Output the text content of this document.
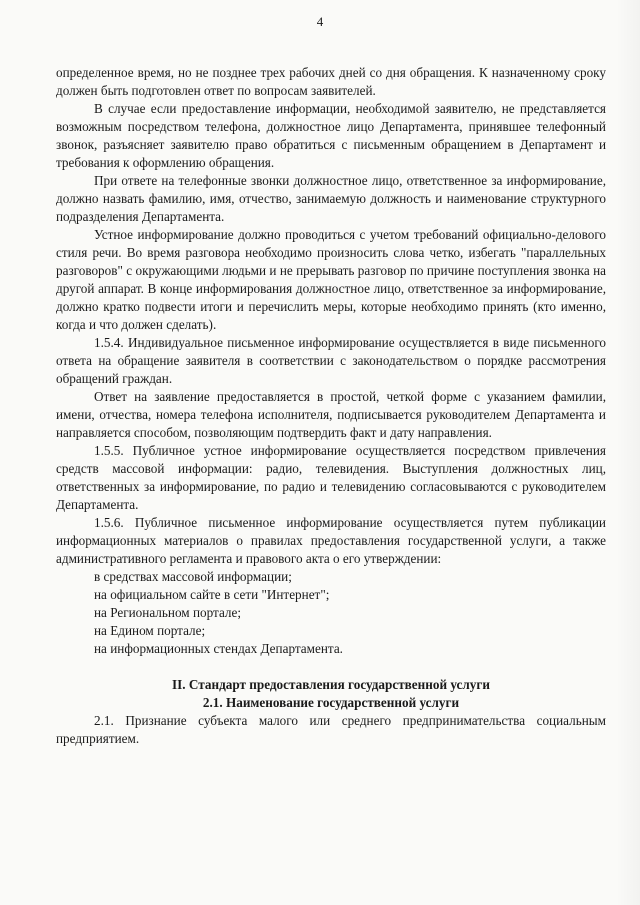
4

определенное время, но не позднее трех рабочих дней со дня обращения. К назначенному сроку должен быть подготовлен ответ по вопросам заявителей.

В случае если предоставление информации, необходимой заявителю, не представляется возможным посредством телефона, должностное лицо Департамента, принявшее телефонный звонок, разъясняет заявителю право обратиться с письменным обращением в Департамент и требования к оформлению обращения.

При ответе на телефонные звонки должностное лицо, ответственное за информирование, должно назвать фамилию, имя, отчество, занимаемую должность и наименование структурного подразделения Департамента.

Устное информирование должно проводиться с учетом требований официально-делового стиля речи. Во время разговора необходимо произносить слова четко, избегать "параллельных разговоров" с окружающими людьми и не прерывать разговор по причине поступления звонка на другой аппарат. В конце информирования должностное лицо, ответственное за информирование, должно кратко подвести итоги и перечислить меры, которые необходимо принять (кто именно, когда и что должен сделать).

1.5.4. Индивидуальное письменное информирование осуществляется в виде письменного ответа на обращение заявителя в соответствии с законодательством о порядке рассмотрения обращений граждан.

Ответ на заявление предоставляется в простой, четкой форме с указанием фамилии, имени, отчества, номера телефона исполнителя, подписывается руководителем Департамента и направляется способом, позволяющим подтвердить факт и дату направления.

1.5.5. Публичное устное информирование осуществляется посредством привлечения средств массовой информации: радио, телевидения. Выступления должностных лиц, ответственных за информирование, по радио и телевидению согласовываются с руководителем Департамента.

1.5.6. Публичное письменное информирование осуществляется путем публикации информационных материалов о правилах предоставления государственной услуги, а также административного регламента и правового акта о его утверждении:

в средствах массовой информации;
на официальном сайте в сети "Интернет";
на Региональном портале;
на Едином портале;
на информационных стендах Департамента.

II. Стандарт предоставления государственной услуги

2.1. Наименование государственной услуги

2.1. Признание субъекта малого или среднего предпринимательства социальным предприятием.
